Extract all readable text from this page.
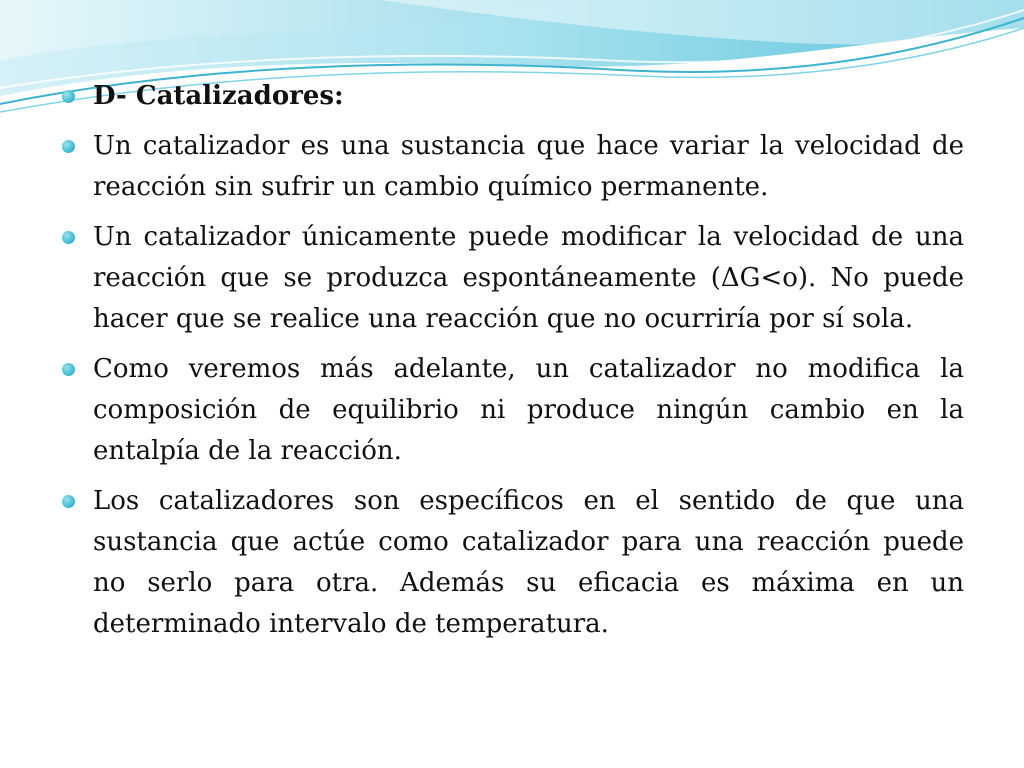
D- Catalizadores:
Un catalizador es una sustancia que hace variar la velocidad de reacción sin sufrir un cambio químico permanente.
Un catalizador únicamente puede modificar la velocidad de una reacción que se produzca espontáneamente (ΔG<o). No puede hacer que se realice una reacción que no ocurriría por sí sola.
Como veremos más adelante, un catalizador no modifica la composición de equilibrio ni produce ningún cambio en la entalpía de la reacción.
Los catalizadores son específicos en el sentido de que una sustancia que actúe como catalizador para una reacción puede no serlo para otra. Además su eficacia es máxima en un determinado intervalo de temperatura.
